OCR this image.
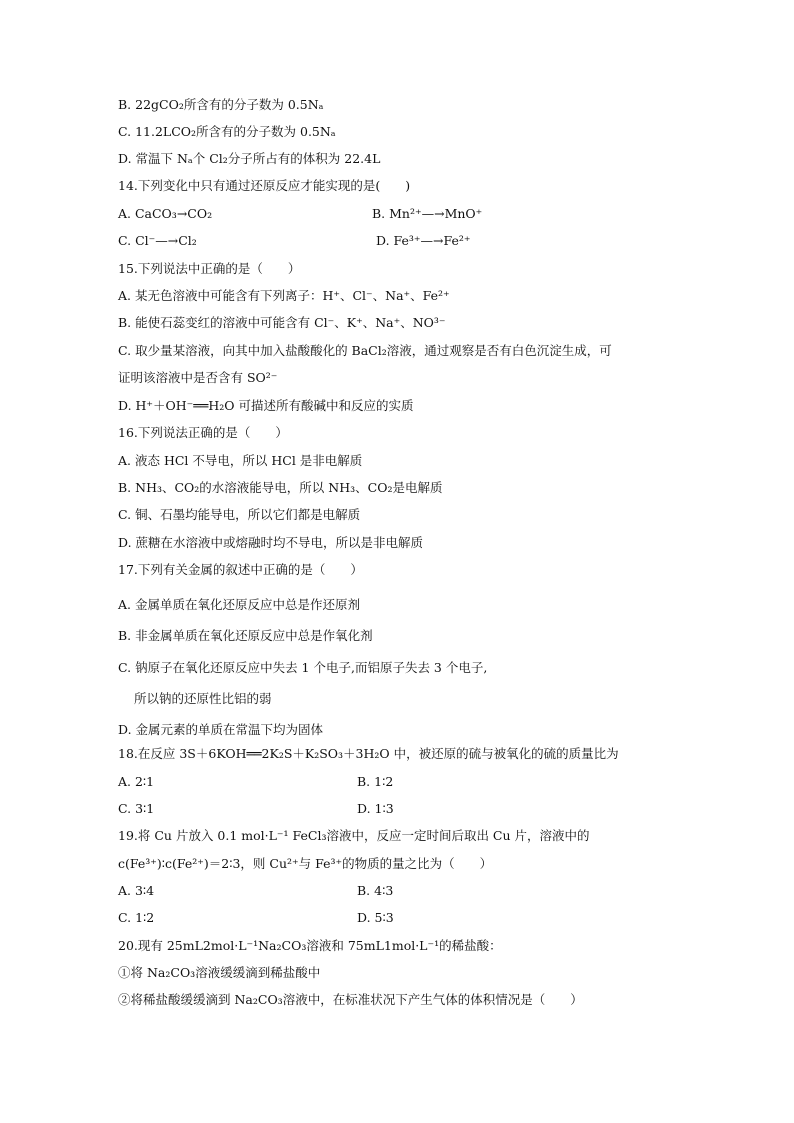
B. 22gCO₂所含有的分子数为 0.5Nₐ
C. 11.2LCO₂所含有的分子数为 0.5Nₐ
D. 常温下 Nₐ个 Cl₂分子所占有的体积为 22.4L
14.下列变化中只有通过还原反应才能实现的是(　　)
A. CaCO₃→CO₂	B. Mn²⁺—→MnO⁺
C. Cl⁻—→Cl₂	D. Fe³⁺—→Fe²⁺
15.下列说法中正确的是（　　）
A. 某无色溶液中可能含有下列离子：H⁺、Cl⁻、Na⁺、Fe²⁺
B. 能使石蕊变红的溶液中可能含有 Cl⁻、K⁺、Na⁺、NO³⁻
C. 取少量某溶液，向其中加入盐酸酸化的 BaCl₂溶液，通过观察是否有白色沉淀生成，可
证明该溶液中是否含有 SO²⁻
D. H⁺＋OH⁻══H₂O 可描述所有酸碱中和反应的实质
16.下列说法正确的是（　　）
A. 液态 HCl 不导电，所以 HCl 是非电解质
B. NH₃、CO₂的水溶液能导电，所以 NH₃、CO₂是电解质
C. 铜、石墨均能导电，所以它们都是电解质
D. 蔗糖在水溶液中或熔融时均不导电，所以是非电解质
17.下列有关金属的叙述中正确的是（　　）
A. 金属单质在氧化还原反应中总是作还原剂
B. 非金属单质在氧化还原反应中总是作氧化剂
C. 钠原子在氧化还原反应中失去 1 个电子,而铝原子失去 3 个电子,
所以钠的还原性比铝的弱
D. 金属元素的单质在常温下均为固体
18.在反应 3S＋6KOH══2K₂S＋K₂SO₃＋3H₂O 中，被还原的硫与被氧化的硫的质量比为
A. 2∶1	B. 1∶2
C. 3∶1	D. 1∶3
19.将 Cu 片放入 0.1 mol·L⁻¹ FeCl₃溶液中，反应一定时间后取出 Cu 片，溶液中的
c(Fe³⁺)∶c(Fe²⁺)＝2∶3，则 Cu²⁺与 Fe³⁺的物质的量之比为（　　）
A. 3∶4	B. 4∶3
C. 1∶2	D. 5∶3
20.现有 25mL2mol·L⁻¹Na₂CO₃溶液和 75mL1mol·L⁻¹的稀盐酸：
①将 Na₂CO₃溶液缓缓滴到稀盐酸中
②将稀盐酸缓缓滴到 Na₂CO₃溶液中，在标准状况下产生气体的体积情况是（　　）
